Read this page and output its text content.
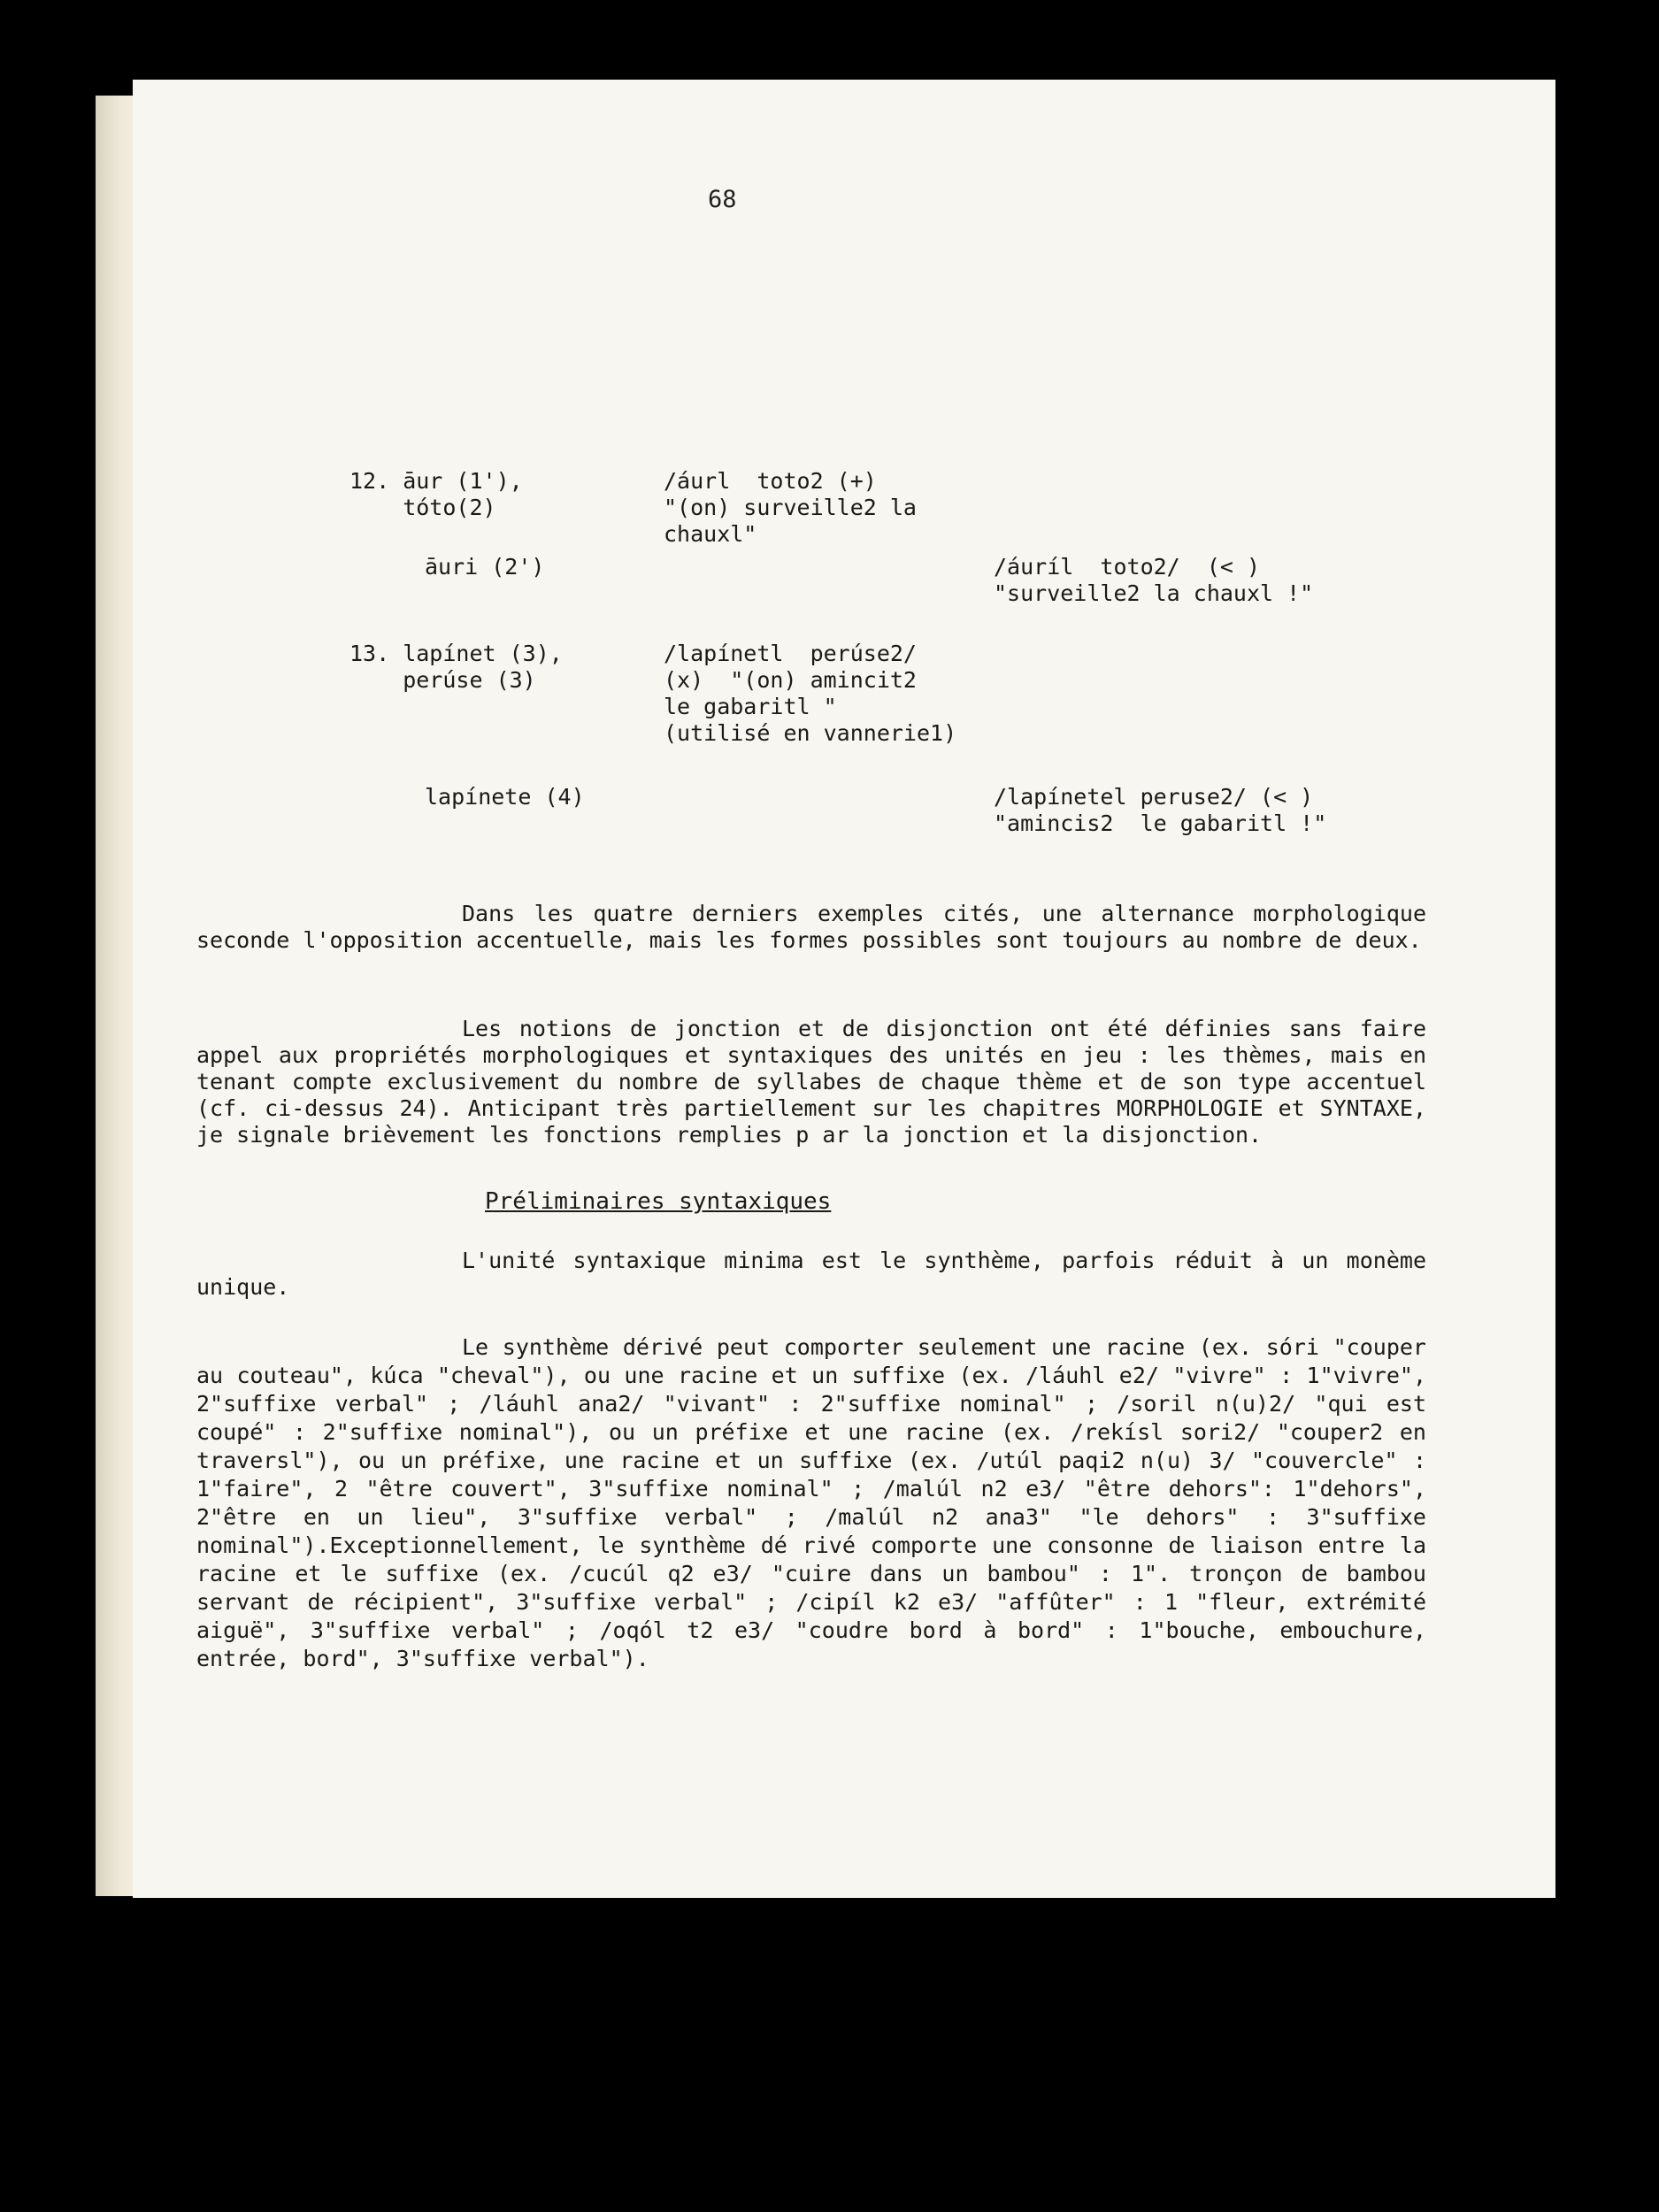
68
12. āur (1'),
tóto(2)
/áurl  toto2 (+)
"(on) surveille2 la
chauxl"
āuri (2')	/áuríl  toto2/  (< )
"surveille2 la chauxl !"
13. lapínet (3),
perúse (3)
/lapínetl  perúse2/
(x)  "(on) amincit2
le gabaritl "
(utilisé en vannerie1)
lapínete (4)	/lapínetel peruse2/ (< )
"amincis2  le gabaritl !"
Dans les quatre derniers exemples cités, une alternance morphologique seconde l'opposition accentuelle, mais les formes possibles sont toujours au nombre de deux.
Les notions de jonction et de disjonction ont été définies sans faire appel aux propriétés morphologiques et syntaxiques des unités en jeu : les thèmes, mais en tenant compte exclusivement du nombre de syllabes de chaque thème et de son type accentuel (cf. ci-dessus 24). Anticipant très partiellement sur les chapitres MORPHOLOGIE et SYNTAXE, je signale brièvement les fonctions remplies p ar la jonction et la disjonction.
Préliminaires syntaxiques
L'unité syntaxique minima est le synthème, parfois réduit à un monème unique.
Le synthème dérivé peut comporter seulement une racine (ex. sóri "couper au couteau", kúca "cheval"), ou une racine et un suffixe (ex. /láuhl e2/ "vivre" : 1"vivre", 2"suffixe verbal" ; /láuhl ana2/ "vivant" : 2"suffixe nominal" ; /soril n(u)2/ "qui est coupé" : 2"suffixe nominal"), ou un préfixe et une racine (ex. /rekísl sori2/ "couper2 en traversl"), ou un préfixe, une racine et un suffixe (ex. /utúl paqi2 n(u) 3/ "couvercle" : 1"faire", 2 "être couvert", 3"suffixe nominal" ; /malúl n2 e3/ "être dehors": 1"dehors", 2"être en un lieu", 3"suffixe verbal" ; /malúl n2 ana3" "le dehors" : 3"suffixe nominal").Exceptionnellement, le synthème dé rivé comporte une consonne de liaison entre la racine et le suffixe (ex. /cucúl q2 e3/ "cuire dans un bambou" : 1". tronçon de bambou servant de récipient", 3"suffixe verbal" ; /cipíl k2 e3/ "affûter" : 1 "fleur, extrémité aiguë", 3"suffixe verbal" ; /oqól t2 e3/ "coudre bord à bord" : 1"bouche, embouchure, entrée, bord", 3"suffixe verbal").
